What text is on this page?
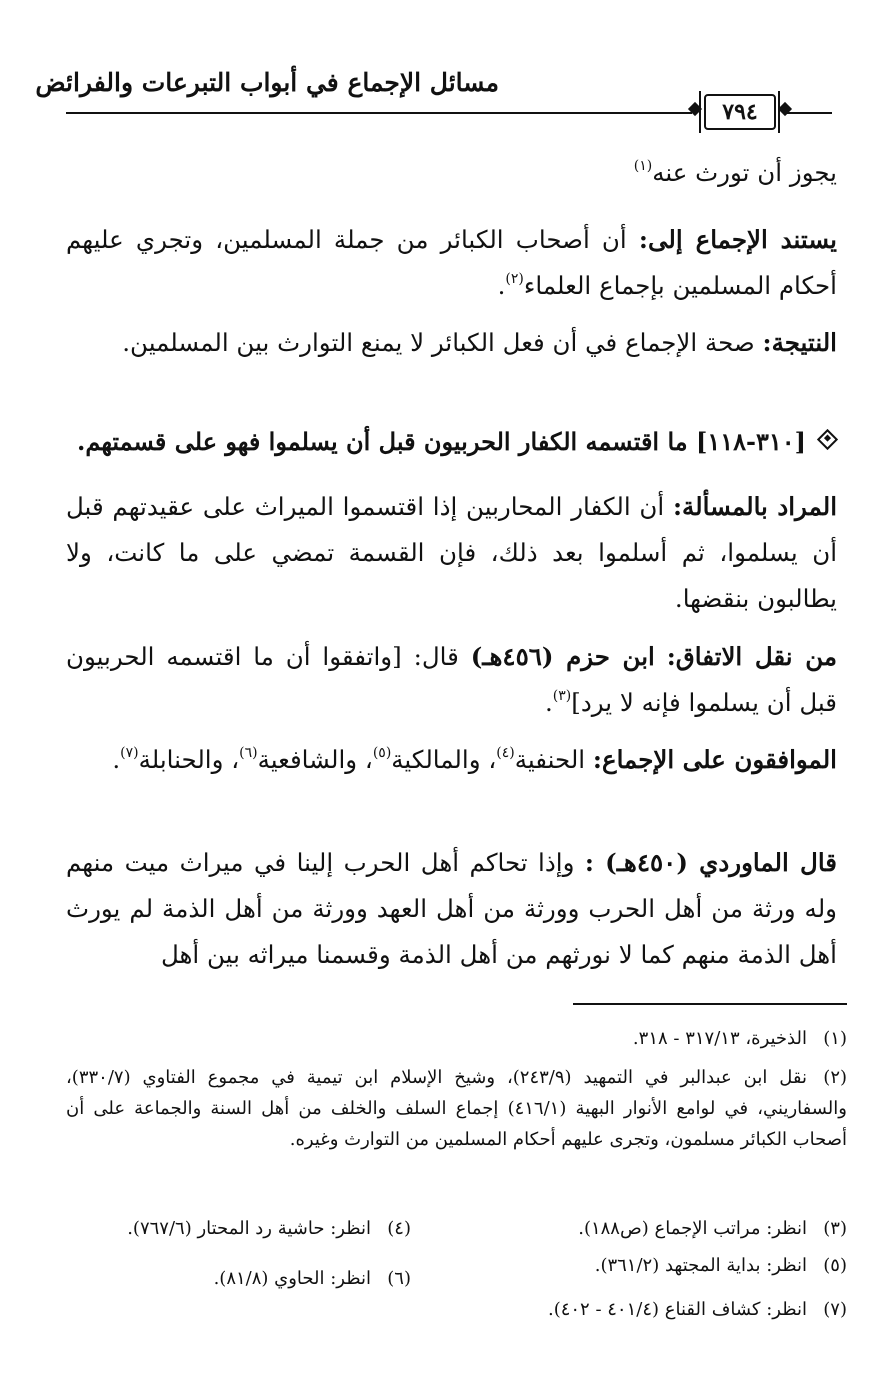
مسائل الإجماع في أبواب التبرعات والفرائض
٧٩٤
يجوز أن تورث عنه$^{(١)}$
يستند الإجماع إلى: أن أصحاب الكبائر من جملة المسلمين، وتجري عليهم أحكام المسلمين بإجماع العلماء$^{(٢)}$.
النتيجة: صحة الإجماع في أن فعل الكبائر لا يمنع التوارث بين المسلمين.
[٣١٠-١١٨] ما اقتسمه الكفار الحربيون قبل أن يسلموا فهو على قسمتهم.
المراد بالمسألة: أن الكفار المحاربين إذا اقتسموا الميراث على عقيدتهم قبل أن يسلموا، ثم أسلموا بعد ذلك، فإن القسمة تمضي على ما كانت، ولا يطالبون بنقضها.
من نقل الاتفاق: ابن حزم (٤٥٦هـ) قال: [واتفقوا أن ما اقتسمه الحربيون قبل أن يسلموا فإنه لا يرد]$^{(٣)}$.
الموافقون على الإجماع: الحنفية$^{(٤)}$، والمالكية$^{(٥)}$، والشافعية$^{(٦)}$، والحنابلة$^{(٧)}$.
قال الماوردي (٤٥٠هـ) : وإذا تحاكم أهل الحرب إلينا في ميراث ميت منهم وله ورثة من أهل الحرب وورثة من أهل العهد وورثة من أهل الذمة لم يورث أهل الذمة منهم كما لا نورثهم من أهل الذمة وقسمنا ميراثه بين أهل
(١)الذخيرة، ٣١٧/١٣ - ٣١٨.
(٢)نقل ابن عبدالبر في التمهيد (٢٤٣/٩)، وشيخ الإسلام ابن تيمية في مجموع الفتاوي (٣٣٠/٧)، والسفاريني، في لوامع الأنوار البهية (٤١٦/١) إجماع السلف والخلف من أهل السنة والجماعة على أن أصحاب الكبائر مسلمون، وتجرى عليهم أحكام المسلمين من التوارث وغيره.
(٣)انظر: مراتب الإجماع (ص١٨٨).
(٤)انظر: حاشية رد المحتار (٧٦٧/٦).
(٥)انظر: بداية المجتهد (٣٦١/٢).
(٦)انظر: الحاوي (٨١/٨).
(٧)انظر: كشاف القناع (٤٠١/٤ - ٤٠٢).
